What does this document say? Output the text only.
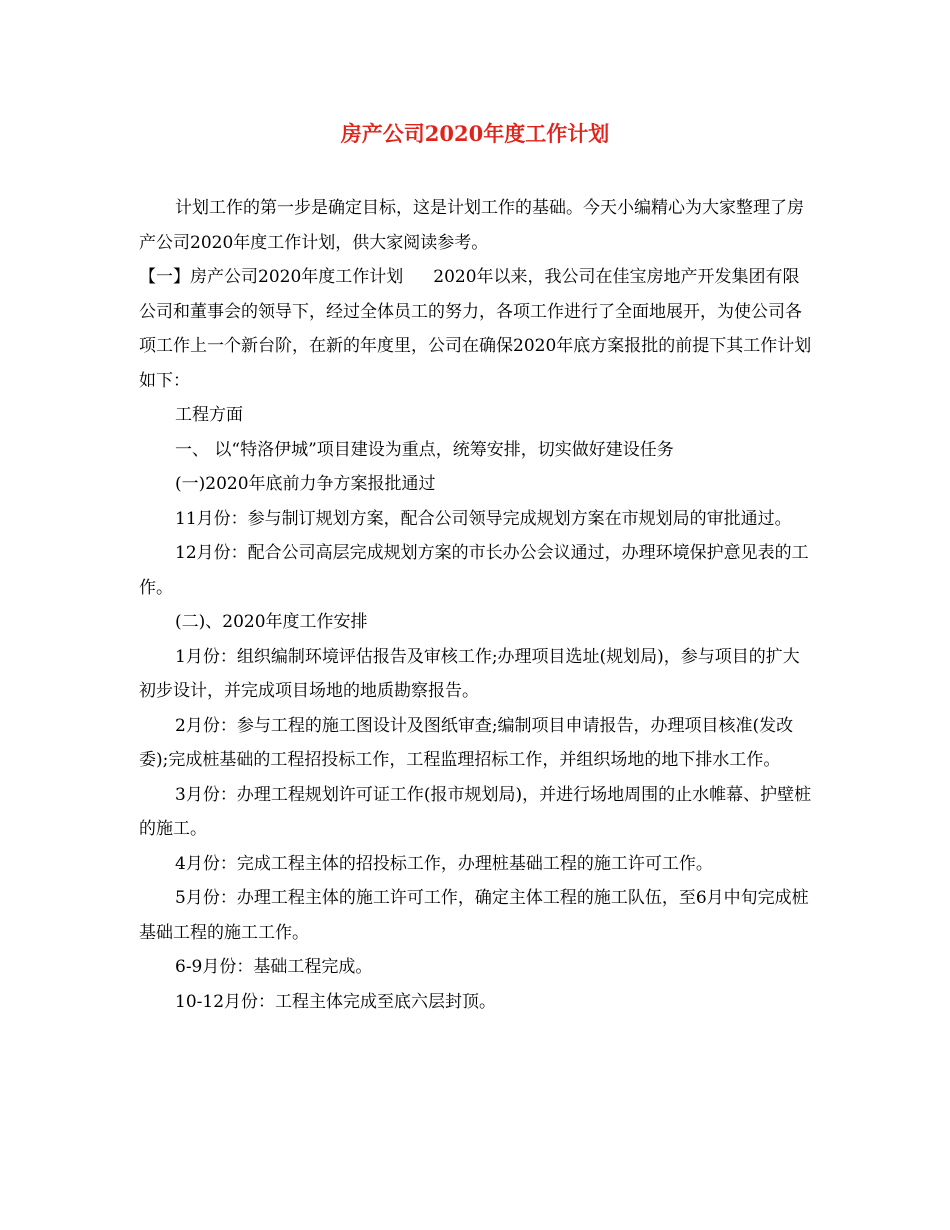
房产公司2020年度工作计划

计划工作的第一步是确定目标，这是计划工作的基础。今天小编精心为大家整理了房产公司2020年度工作计划，供大家阅读参考。

【一】房产公司2020年度工作计划 2020年以来，我公司在佳宝房地产开发集团有限公司和董事会的领导下，经过全体员工的努力，各项工作进行了全面地展开，为使公司各项工作上一个新台阶，在新的年度里，公司在确保2020年底方案报批的前提下其工作计划如下：

工程方面

一、 以“特洛伊城”项目建设为重点，统筹安排，切实做好建设任务

(一)2020年底前力争方案报批通过

11月份：参与制订规划方案，配合公司领导完成规划方案在市规划局的审批通过。

12月份：配合公司高层完成规划方案的市长办公会议通过，办理环境保护意见表的工作。

(二)、2020年度工作安排

1月份：组织编制环境评估报告及审核工作;办理项目选址(规划局)，参与项目的扩大初步设计，并完成项目场地的地质勘察报告。

2月份：参与工程的施工图设计及图纸审查;编制项目申请报告，办理项目核准(发改委);完成桩基础的工程招投标工作，工程监理招标工作，并组织场地的地下排水工作。

3月份：办理工程规划许可证工作(报市规划局)，并进行场地周围的止水帷幕、护壁桩的施工。

4月份：完成工程主体的招投标工作，办理桩基础工程的施工许可工作。

5月份：办理工程主体的施工许可工作，确定主体工程的施工队伍，至6月中旬完成桩基础工程的施工工作。

6-9月份：基础工程完成。

10-12月份：工程主体完成至底六层封顶。
